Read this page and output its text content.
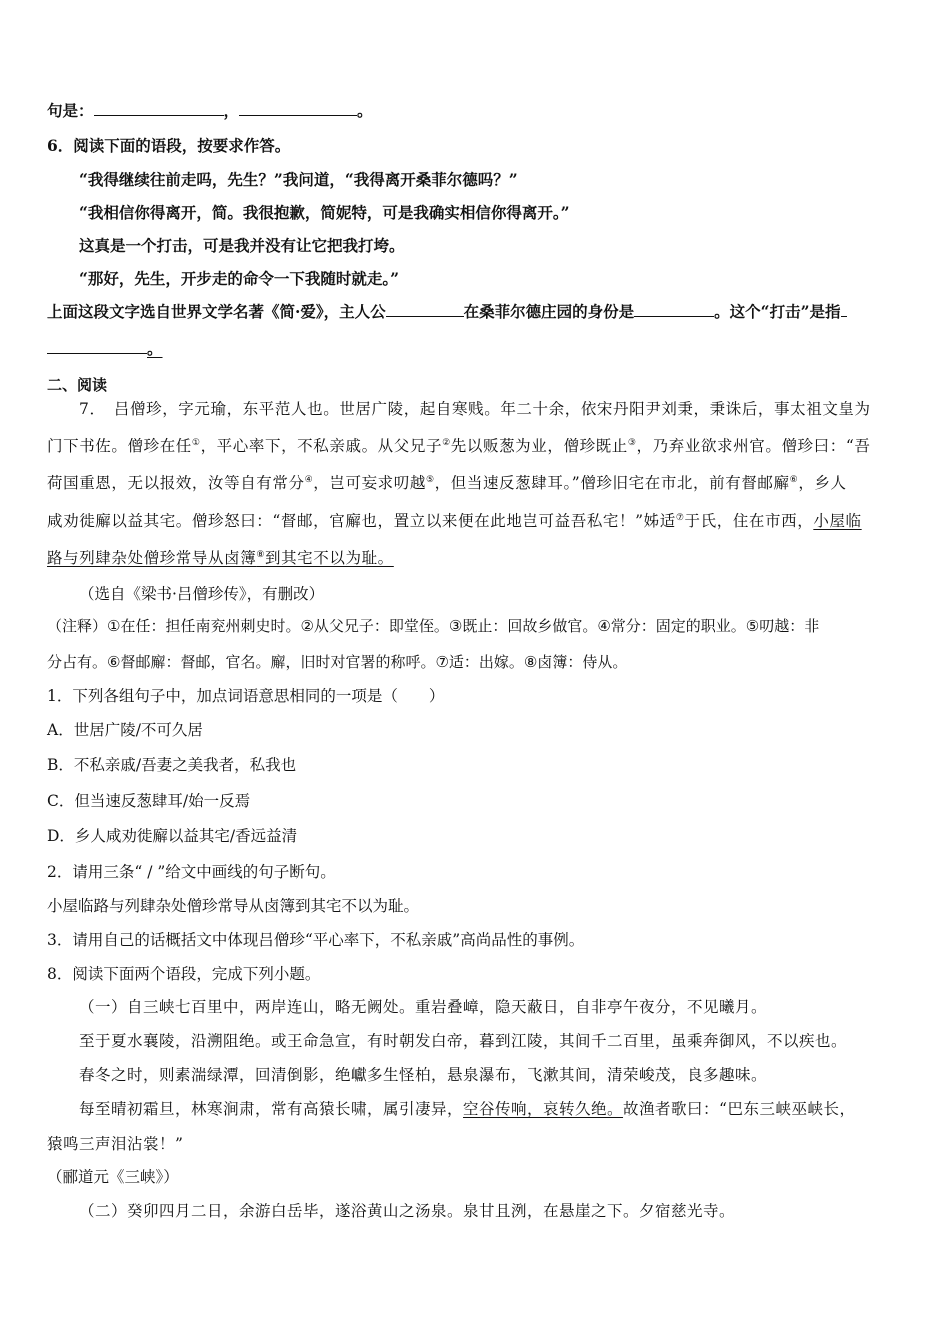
句是：	，	。
6．阅读下面的语段，按要求作答。
“我得继续往前走吗，先生？”我问道，“我得离开桑菲尔德吗？”
“我相信你得离开，简。我很抱歉，简妮特，可是我确实相信你得离开。”
这真是一个打击，可是我并没有让它把我打垮。
“那好，先生，开步走的命令一下我随时就走。”
上面这段文字选自世界文学名著《简·爱》，主人公	在桑菲尔德庄园的身份是	。这个“打击”是指
。
二、阅读
7．　吕僧珍，字元瑜，东平范人也。世居广陵，起自寒贱。年二十余，依宋丹阳尹刘秉，秉诛后，事太祖文皇为
门下书佐。僧珍在任①，平心率下，不私亲戚。从父兄子②先以贩葱为业，僧珍既止③，乃弃业欲求州官。僧珍曰：“吾
荷国重恩，无以报效，汝等自有常分④，岂可妄求叨越⑤，但当速反葱肆耳。”僧珍旧宅在市北，前有督邮廨⑥，乡人
咸劝徙廨以益其宅。僧珍怒曰：“督邮，官廨也，置立以来便在此地岂可益吾私宅！”姊适⑦于氏，住在市西，小屋临
路与列肆杂处僧珍常导从卤簿⑧到其宅不以为耻。
（选自《梁书·吕僧珍传》，有删改）
（注释）①在任：担任南兖州刺史时。②从父兄子：即堂侄。③既止：回故乡做官。④常分：固定的职业。⑤叨越：非
分占有。⑥督邮廨：督邮，官名。廨，旧时对官署的称呼。⑦适：出嫁。⑧卤簿：侍从。
1．下列各组句子中，加点词语意思相同的一项是（　　）
A．世居广陵/不可久居
B．不私亲戚/吾妻之美我者，私我也
C．但当速反葱肆耳/始一反焉
D．乡人咸劝徙廨以益其宅/香远益清
2．请用三条“ / ”给文中画线的句子断句。
小屋临路与列肆杂处僧珍常导从卤簿到其宅不以为耻。
3．请用自己的话概括文中体现吕僧珍“平心率下，不私亲戚”高尚品性的事例。
8．阅读下面两个语段，完成下列小题。
（一）自三峡七百里中，两岸连山，略无阙处。重岩叠嶂，隐天蔽日，自非亭午夜分，不见曦月。
至于夏水襄陵，沿溯阻绝。或王命急宣，有时朝发白帝，暮到江陵，其间千二百里，虽乘奔御风，不以疾也。
春冬之时，则素湍绿潭，回清倒影，绝巘多生怪柏，悬泉瀑布，飞漱其间，清荣峻茂，良多趣味。
每至晴初霜旦，林寒涧肃，常有高猿长啸，属引凄异，空谷传响，哀转久绝。故渔者歌曰：“巴东三峡巫峡长，
猿鸣三声泪沾裳！”
（郦道元《三峡》）
（二）癸卯四月二日，余游白岳毕，遂浴黄山之汤泉。泉甘且洌，在悬崖之下。夕宿慈光寺。
